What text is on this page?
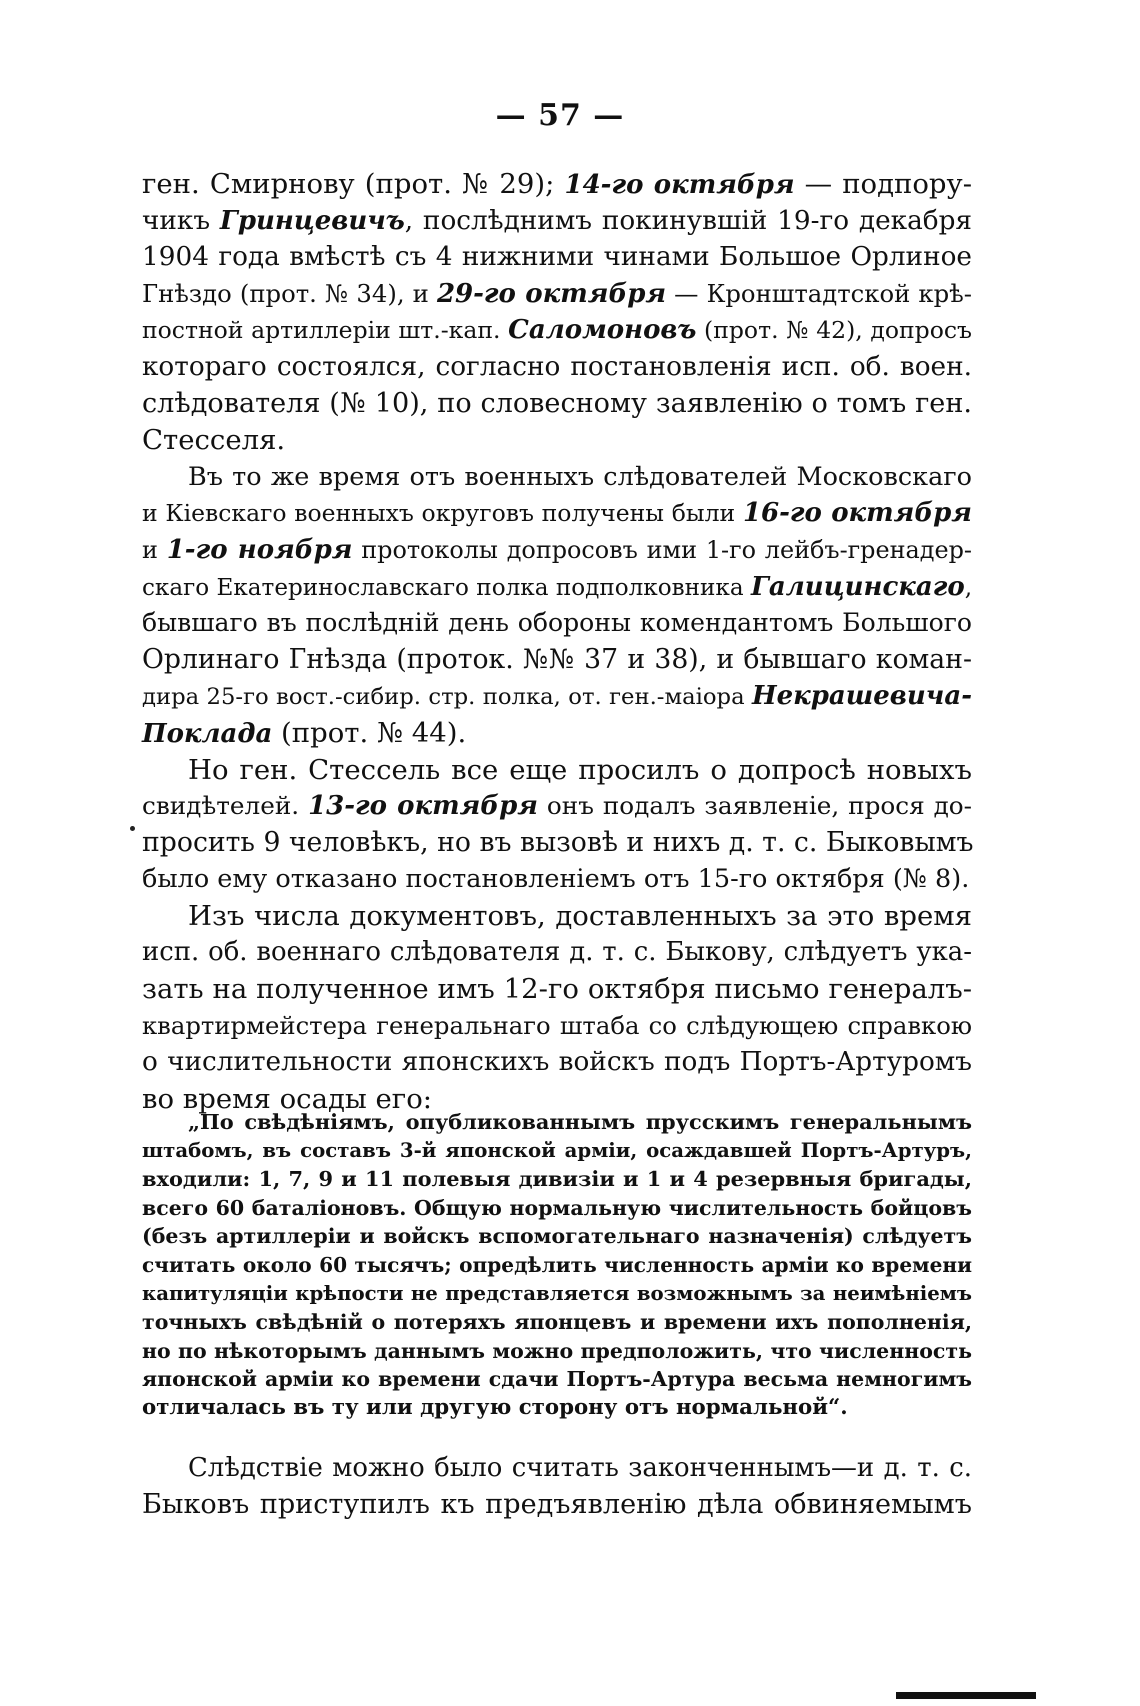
— 57 —
ген. Смирнову (прот. № 29); 14-го октября — подпору-
чикъ Гринцевичъ, послѣднимъ покинувшій 19-го декабря
1904 года вмѣстѣ съ 4 нижними чинами Большое Орлиное
Гнѣздо (прот. № 34), и 29-го октября — Кронштадтской крѣ-
постной артиллеріи шт.-кап. Саломоновъ (прот. № 42), допросъ
котораго состоялся, согласно постановленія исп. об. воен.
слѣдователя (№ 10), по словесному заявленію о томъ ген.
Стесселя.
Въ то же время отъ военныхъ слѣдователей Московскаго
и Кіевскаго военныхъ округовъ получены были 16-го октября
и 1-го ноября протоколы допросовъ ими 1-го лейбъ-гренадер-
скаго Екатеринославскаго полка подполковника Галицинскаго,
бывшаго въ послѣдній день обороны комендантомъ Большого
Орлинаго Гнѣзда (проток. №№ 37 и 38), и бывшаго коман-
дира 25-го вост.-сибир. стр. полка, от. ген.-маіора Некрашевича-
Поклада (прот. № 44).
Но ген. Стессель все еще просилъ о допросѣ новыхъ
свидѣтелей. 13-го октября онъ подалъ заявленіе, прося до-
просить 9 человѣкъ, но въ вызовѣ и нихъ д. т. с. Быковымъ
было ему отказано постановленіемъ отъ 15-го октября (№ 8).
Изъ числа документовъ, доставленныхъ за это время
исп. об. военнаго слѣдователя д. т. с. Быкову, слѣдуетъ ука-
зать на полученное имъ 12-го октября письмо генералъ-
квартирмейстера генеральнаго штаба со слѣдующею справкою
о числительности японскихъ войскъ подъ Портъ-Артуромъ
во время осады его:
„По свѣдѣніямъ, опубликованнымъ прусскимъ генеральнымъ
штабомъ, въ составъ 3-й японской арміи, осаждавшей Портъ-Артуръ,
входили: 1, 7, 9 и 11 полевыя дивизіи и 1 и 4 резервныя бригады,
всего 60 баталіоновъ. Общую нормальную числительность бойцовъ
(безъ артиллеріи и войскъ вспомогательнаго назначенія) слѣдуетъ
считать около 60 тысячъ; опредѣлить численность арміи ко времени
капитуляціи крѣпости не представляется возможнымъ за неимѣніемъ
точныхъ свѣдѣній о потеряхъ японцевъ и времени ихъ пополненія,
но по нѣкоторымъ даннымъ можно предположить, что численность
японской арміи ко времени сдачи Портъ-Артура весьма немногимъ
отличалась въ ту или другую сторону отъ нормальной“.
Слѣдствіе можно было считать законченнымъ—и д. т. с.
Быковъ приступилъ къ предъявленію дѣла обвиняемымъ
